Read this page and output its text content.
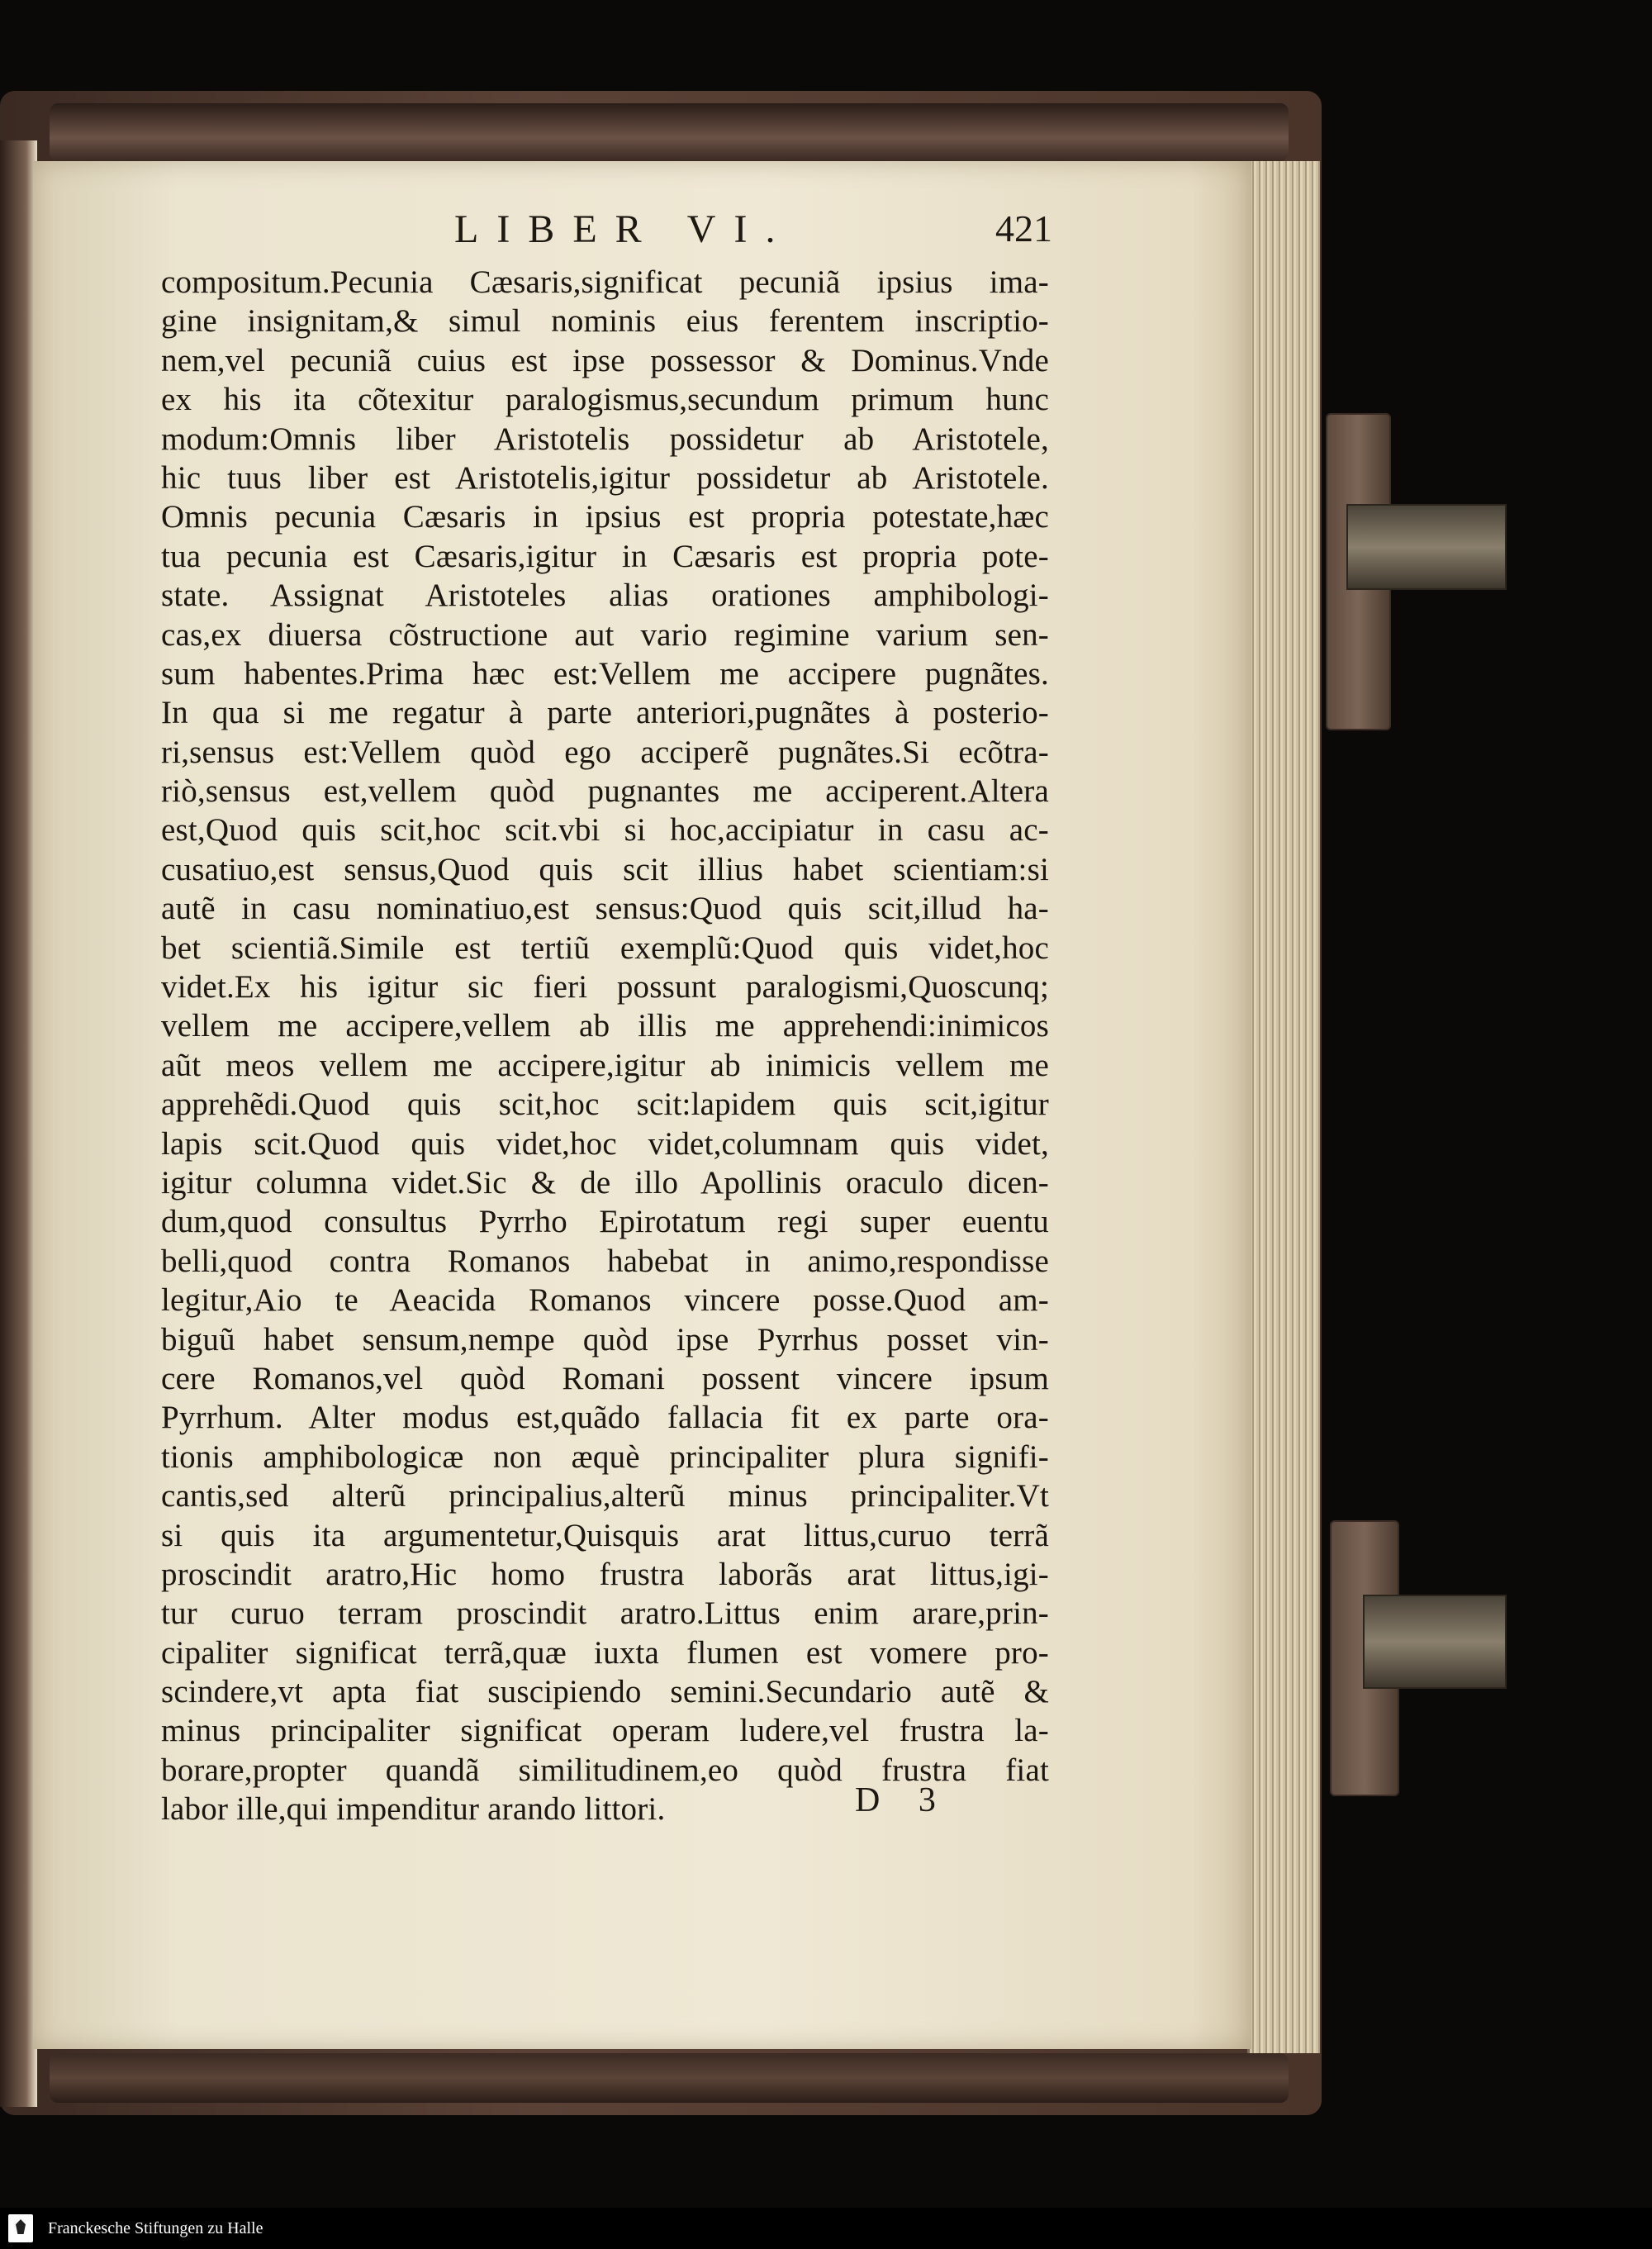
LIBER VI.	421
compositum.Pecunia Cæsaris,significat pecuniã ipsius ima-
gine insignitam,& simul nominis eius ferentem inscriptio-
nem,vel pecuniã cuius est ipse possessor & Dominus.Vnde
ex his ita cõtexitur paralogismus,secundum primum hunc
modum:Omnis liber Aristotelis possidetur ab Aristotele,
hic tuus liber est Aristotelis,igitur possidetur ab Aristotele.
Omnis pecunia Cæsaris in ipsius est propria potestate,hæc
tua pecunia est Cæsaris,igitur in Cæsaris est propria pote-
state. Assignat Aristoteles alias orationes amphibologi-
cas,ex diuersa cõstructione aut vario regimine varium sen-
sum habentes.Prima hæc est:Vellem me accipere pugnãtes.
In qua si me regatur à parte anteriori,pugnãtes à posterio-
ri,sensus est:Vellem quòd ego acciperẽ pugnãtes.Si ecõtra-
riò,sensus est,vellem quòd pugnantes me acciperent.Altera
est,Quod quis scit,hoc scit.vbi si hoc,accipiatur in casu ac-
cusatiuo,est sensus,Quod quis scit illius habet scientiam:si
autẽ in casu nominatiuo,est sensus:Quod quis scit,illud ha-
bet scientiã.Simile est tertiũ exemplũ:Quod quis videt,hoc
videt.Ex his igitur sic fieri possunt paralogismi,Quoscunq;
vellem me accipere,vellem ab illis me apprehendi:inimicos
aũt meos vellem me accipere,igitur ab inimicis vellem me
apprehẽdi.Quod quis scit,hoc scit:lapidem quis scit,igitur
lapis scit.Quod quis videt,hoc videt,columnam quis videt,
igitur columna videt.Sic & de illo Apollinis oraculo dicen-
dum,quod consultus Pyrrho Epirotatum regi super euentu
belli,quod contra Romanos habebat in animo,respondisse
legitur,Aio te Aeacida Romanos vincere posse.Quod am-
biguũ habet sensum,nempe quòd ipse Pyrrhus posset vin-
cere Romanos,vel quòd Romani possent vincere ipsum
Pyrrhum. Alter modus est,quãdo fallacia fit ex parte ora-
tionis amphibologicæ non æquè principaliter plura signifi-
cantis,sed alterũ principalius,alterũ minus principaliter.Vt
si quis ita argumentetur,Quisquis arat littus,curuo terrã
proscindit aratro,Hic homo frustra laborãs arat littus,igi-
tur curuo terram proscindit aratro.Littus enim arare,prin-
cipaliter significat terrã,quæ iuxta flumen est vomere pro-
scindere,vt apta fiat suscipiendo semini.Secundario autẽ &
minus principaliter significat operam ludere,vel frustra la-
borare,propter quandã similitudinem,eo quòd frustra fiat
labor ille,qui impenditur arando littori.	D 3
Franckesche Stiftungen zu Halle
